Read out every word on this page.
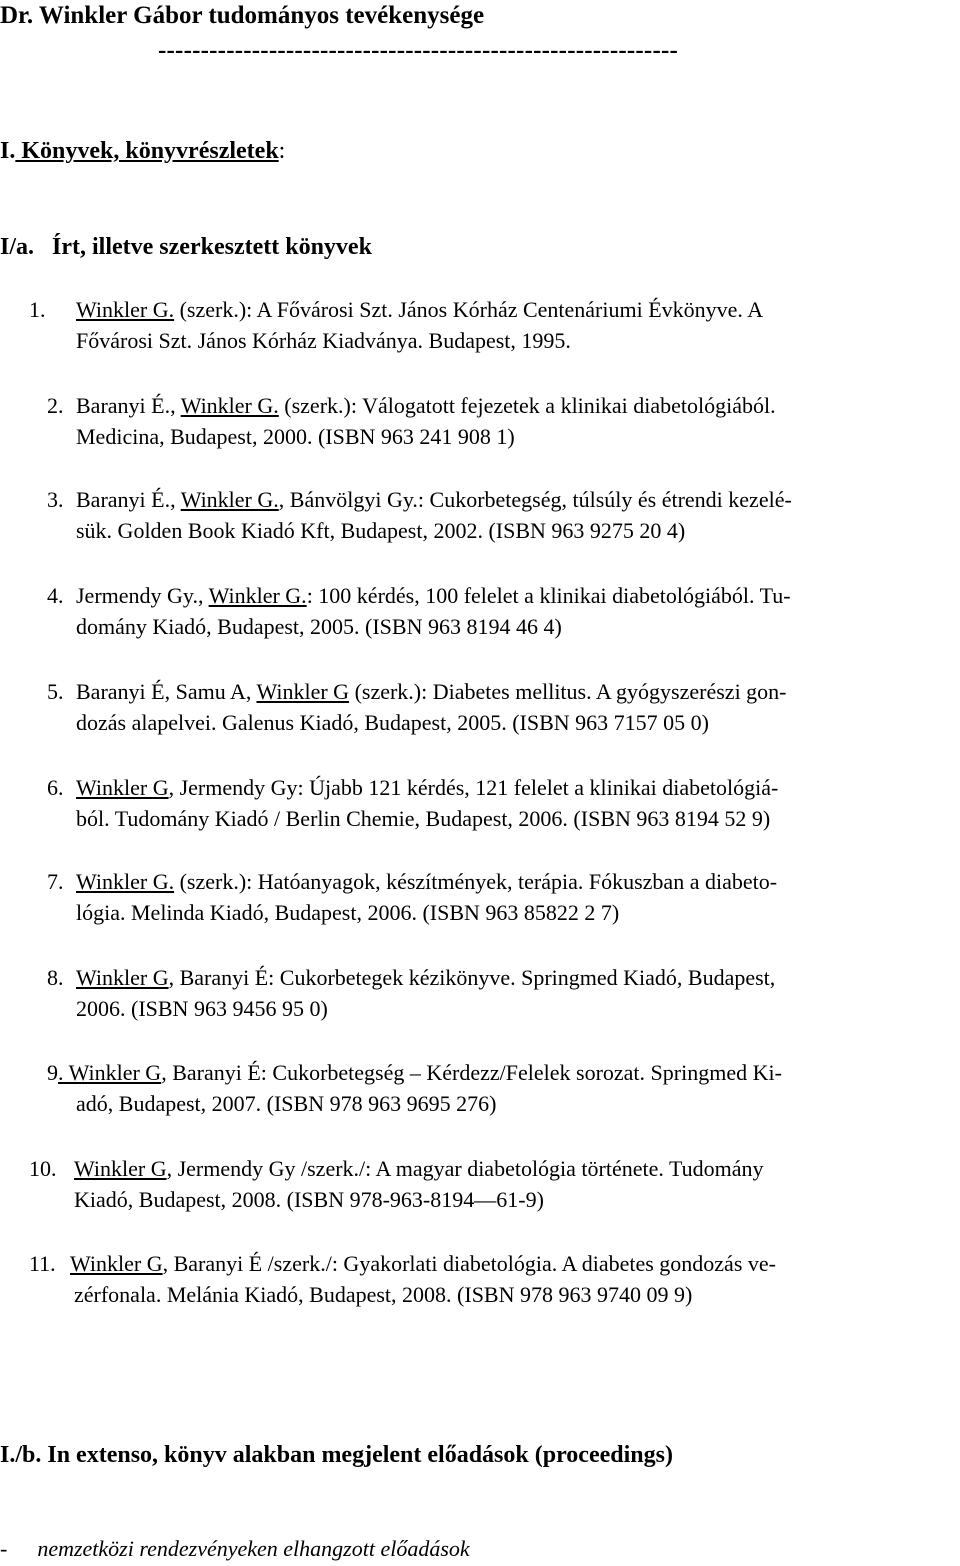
Dr. Winkler Gábor tudományos tevékenysége
-------------------------------------------------------------
I. Könyvek, könyvrészletek:
I/a. Írt, illetve szerkesztett könyvek
1. Winkler G. (szerk.): A Fővárosi Szt. János Kórház Centenáriumi Évkönyve. A
Fővárosi Szt. János Kórház Kiadványa. Budapest, 1995.
2. Baranyi É., Winkler G. (szerk.): Válogatott fejezetek a klinikai diabetológiából.
Medicina, Budapest, 2000. (ISBN 963 241 908 1)
3. Baranyi É., Winkler G., Bánvölgyi Gy.: Cukorbetegség, túlsúly és étrendi kezelé-
sük. Golden Book Kiadó Kft, Budapest, 2002. (ISBN 963 9275 20 4)
4. Jermendy Gy., Winkler G.: 100 kérdés, 100 felelet a klinikai diabetológiából. Tu-
domány Kiadó, Budapest, 2005. (ISBN 963 8194 46 4)
5. Baranyi É, Samu A, Winkler G (szerk.): Diabetes mellitus. A gyógyszerészi gon-
dozás alapelvei. Galenus Kiadó, Budapest, 2005. (ISBN 963 7157 05 0)
6. Winkler G, Jermendy Gy: Újabb 121 kérdés, 121 felelet a klinikai diabetológiá-
ból. Tudomány Kiadó / Berlin Chemie, Budapest, 2006. (ISBN 963 8194 52 9)
7. Winkler G. (szerk.): Hatóanyagok, készítmények, terápia. Fókuszban a diabeto-
lógia. Melinda Kiadó, Budapest, 2006. (ISBN 963 85822 2 7)
8. Winkler G, Baranyi É: Cukorbetegek kézikönyve. Springmed Kiadó, Budapest,
2006. (ISBN 963 9456 95 0)
9 . Winkler G, Baranyi É: Cukorbetegség – Kérdezz/Felelek sorozat. Springmed Ki-
adó, Budapest, 2007. (ISBN 978 963 9695 276)
10. Winkler G, Jermendy Gy /szerk./: A magyar diabetológia története. Tudomány
Kiadó, Budapest, 2008. (ISBN 978-963-8194—61-9)
11. Winkler G, Baranyi É /szerk./: Gyakorlati diabetológia. A diabetes gondozás ve-
zérfonala. Melánia Kiadó, Budapest, 2008. (ISBN 978 963 9740 09 9)
I./b. In extenso, könyv alakban megjelent előadások (proceedings)
- nemzetközi rendezvényeken elhangzott előadások
